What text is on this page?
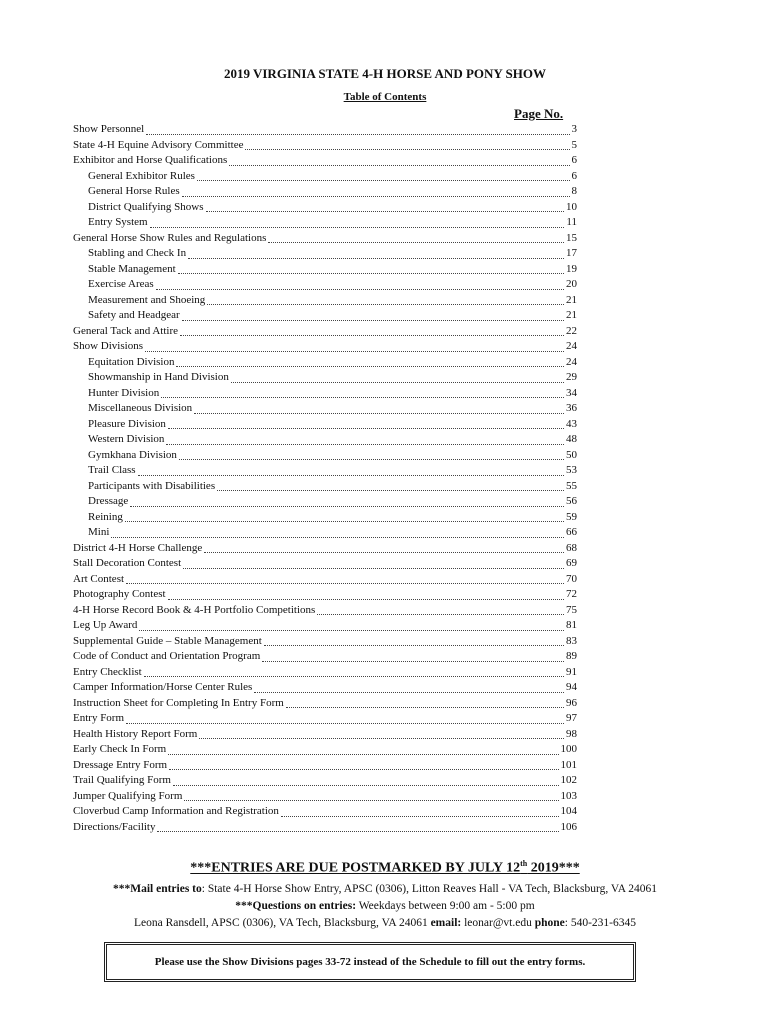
2019 VIRGINIA STATE 4-H HORSE AND PONY SHOW
Table of Contents
Page No.
Show Personnel	3
State 4-H Equine Advisory Committee	5
Exhibitor and Horse Qualifications	6
General Exhibitor Rules	6
General Horse Rules	8
District Qualifying Shows	10
Entry System	11
General Horse Show Rules and Regulations	15
Stabling and Check In	17
Stable Management	19
Exercise Areas	20
Measurement and Shoeing	21
Safety and Headgear	21
General Tack and Attire	22
Show Divisions	24
Equitation Division	24
Showmanship in Hand Division	29
Hunter Division	34
Miscellaneous Division	36
Pleasure Division	43
Western Division	48
Gymkhana Division	50
Trail Class	53
Participants with Disabilities	55
Dressage	56
Reining	59
Mini	66
District 4-H Horse Challenge	68
Stall Decoration Contest	69
Art Contest	70
Photography Contest	72
4-H Horse Record Book & 4-H Portfolio Competitions	75
Leg Up Award	81
Supplemental Guide – Stable Management	83
Code of Conduct and Orientation Program	89
Entry Checklist	91
Camper Information/Horse Center Rules	94
Instruction Sheet for Completing In Entry Form	96
Entry Form	97
Health History Report Form	98
Early Check In Form	100
Dressage Entry Form	101
Trail Qualifying Form	102
Jumper Qualifying Form	103
Cloverbud Camp Information and Registration	104
Directions/Facility	106
***ENTRIES ARE DUE POSTMARKED BY JULY 12th 2019***
***Mail entries to: State 4-H Horse Show Entry, APSC (0306), Litton Reaves Hall - VA Tech, Blacksburg, VA 24061
***Questions on entries: Weekdays between 9:00 am - 5:00 pm
Leona Ransdell, APSC (0306), VA Tech, Blacksburg, VA 24061 email: leonar@vt.edu phone: 540-231-6345
Please use the Show Divisions pages 33-72 instead of the Schedule to fill out the entry forms.
